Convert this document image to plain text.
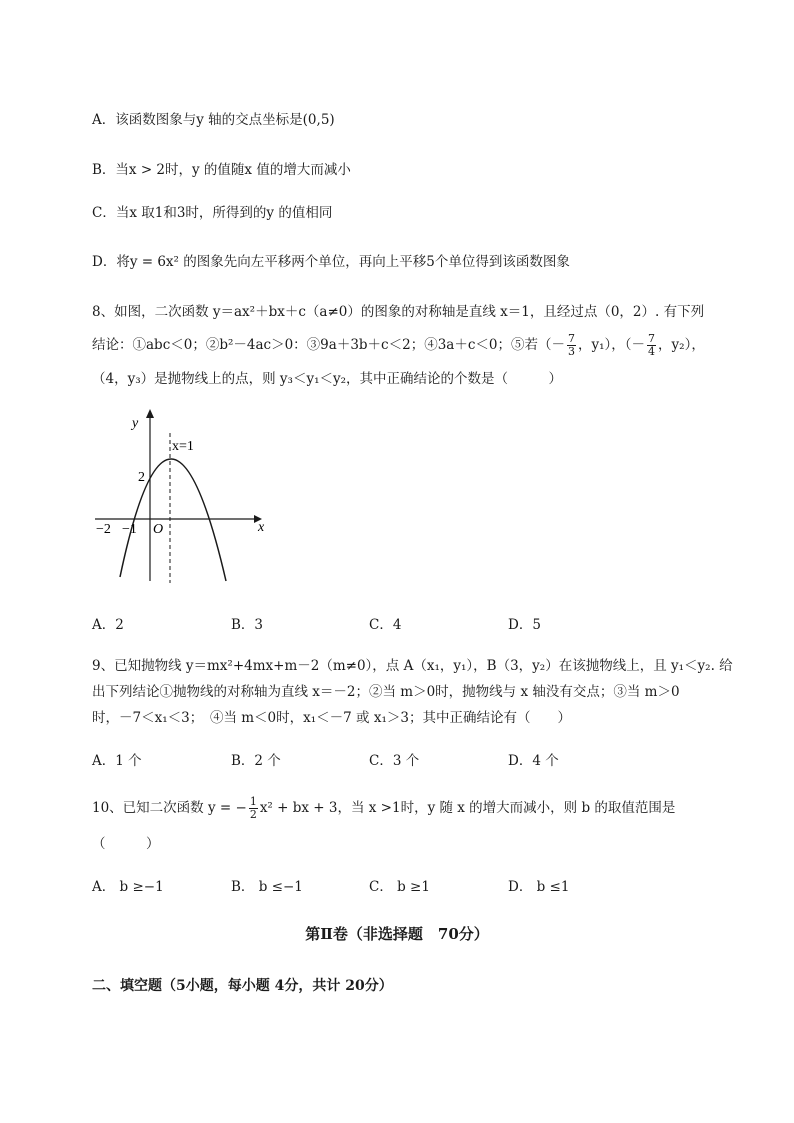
A．该函数图象与y 轴的交点坐标是(0,5)
B．当x > 2时，y 的值随x 值的增大而减小
C．当x 取1和3时，所得到的y 的值相同
D．将y = 6x² 的图象先向左平移两个单位，再向上平移5个单位得到该函数图象
8、如图，二次函数 y＝ax²＋bx＋c（a≠0）的图象的对称轴是直线 x＝1，且经过点（0，2）. 有下列
结论：①abc＜0；②b²－4ac＞0：③9a＋3b＋c＜2；④3a＋c＜0；⑤若（－ $\frac{7}{3}$ ，y₁），（－ $\frac{7}{4}$ ，y₂），
（4，y₃）是抛物线上的点，则 y₃＜y₁＜y₂，其中正确结论的个数是（　　　）
y
x
x=1
2
−2 −1 O
A．2	B．3	C．4	D．5
9、已知抛物线 y＝mx²+4mx+m－2（m≠0），点 A（x₁，y₁），B（3，y₂）在该抛物线上，且 y₁＜y₂. 给
出下列结论①抛物线的对称轴为直线 x＝－2；②当 m＞0时，抛物线与 x 轴没有交点；③当 m＞0
时，－7＜x₁＜3；　④当 m＜0时，x₁＜－7 或 x₁＞3；其中正确结论有（　　）
A．1 个	B．2 个	C．3 个	D．4 个
10、已知二次函数 y = − $\frac{1}{2} x^2$ + bx + 3，当 x >1时，y 随 x 的增大而减小，则 b 的取值范围是
（　　　）
A． b ≥−1	B． b ≤−1	C． b ≥1	D． b ≤1
第Ⅱ卷（非选择题　70分）
二、填空题（5小题，每小题 4分，共计 20分）
